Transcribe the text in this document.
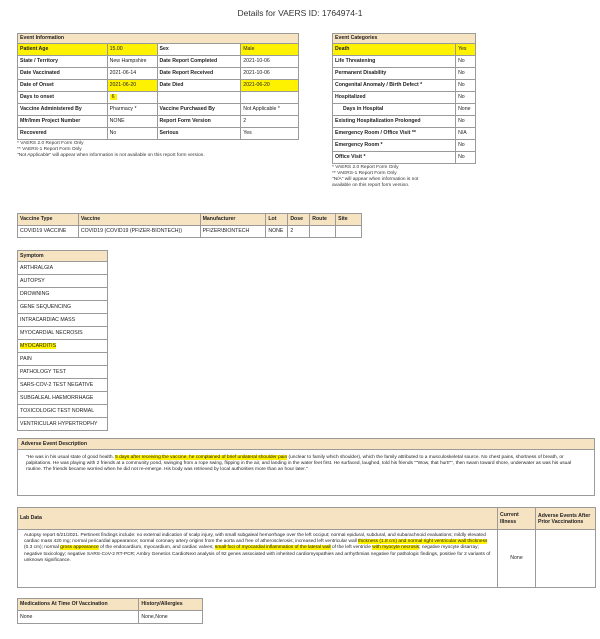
Details for VAERS ID: 1764974-1
Event Information			
Patient Age	15.00	Sex	Male
State / Territory	New Hampshire	Date Report Completed	2021-10-06
Date Vaccinated	2021-06-14	Date Report Received	2021-10-06
Date of Onset	2021-06-20	Date Died	2021-06-20
Days to onset	6		
Vaccine Administered By	Pharmacy *	Vaccine Purchased By	Not Applicable *
Mfr/Imm Project Number	NONE	Report Form Version	2
Recovered	No	Serious	Yes
* VAERS 2.0 Report Form Only
** VAERS-1 Report Form Only
"Not Applicable" will appear when information is not available on this report form version.
Event Categories	
Death	Yes
Life Threatening	No
Permanent Disability	No
Congenital Anomaly / Birth Defect *	No
Hospitalized	No
Days in Hospital	None
Existing Hospitalization Prolonged	No
Emergency Room / Office Visit **	N/A
Emergency Room *	No
Office Visit *	No
* VAERS 2.0 Report Form Only
** VAERS-1 Report Form Only
"N/A" will appear when information is not
available on this report form version.
Vaccine Type	Vaccine	Manufacturer	Lot	Dose	Route	Site
COVID19 VACCINE	COVID19 (COVID19 (PFIZER-BIONTECH))	PFIZER\BIONTECH	NONE	2		
Symptom
ARTHRALGIA
AUTOPSY
DROWNING
GENE SEQUENCING
INTRACARDIAC MASS
MYOCARDIAL NECROSIS
MYOCARDITIS
PAIN
PATHOLOGY TEST
SARS-COV-2 TEST NEGATIVE
SUBGALEAL HAEMORRHAGE
TOXICOLOGIC TEST NORMAL
VENTRICULAR HYPERTROPHY
Adverse Event Description
"He was in his usual state of good health. 5 days after receiving the vaccine, he complained of brief unilateral shoulder pain (unclear to family which shoulder), which the family attributed to a musculoskeletal source. No chest pains, shortness of breath, or palpitations. He was playing with 2 friends at a community pond, swinging from a rope swing, flipping in the air, and landing in the water feet first. He surfaced, laughed, told his friends ""Wow, that hurt!"", then swam toward shore, underwater as was his usual routine. The friends became worried when he did not re-emerge. His body was retrieved by local authorities more than an hour later."
Lab Data	Current Illness	Adverse Events After Prior Vaccinations
Autopsy report 6/21/2021. Pertinent findings include: no external indication of scalp injury, with small subgaleal hemorrhage over the left occiput; normal epidural, subdural, and subarachnoid evaluations; mildly elevated cardiac mass 420 mg; normal pericardial appearance; normal coronary artery origins from the aorta and free of atherosclerosis; increased left ventricular wall thickness (1.8 cm) and normal right ventricular wall thickness (0.3 cm); normal gross appearance of the endocardium, myocardium, and cardiac valves; small foci of myocardial inflammation of the lateral wall of the left ventricle with myocyte necrosis; negative myocyte disarray; negative toxicology; negative SARS-CoV-2 RT-PCR; Ambry Genetics CardioNext analysis of 92 genes associated with inherited cardiomyopathies and arrhythmias negative for pathologic findings, positive for 2 variants of unknown significance.	None	
Medications At Time Of Vaccination	History/Allergies
None	None,None
